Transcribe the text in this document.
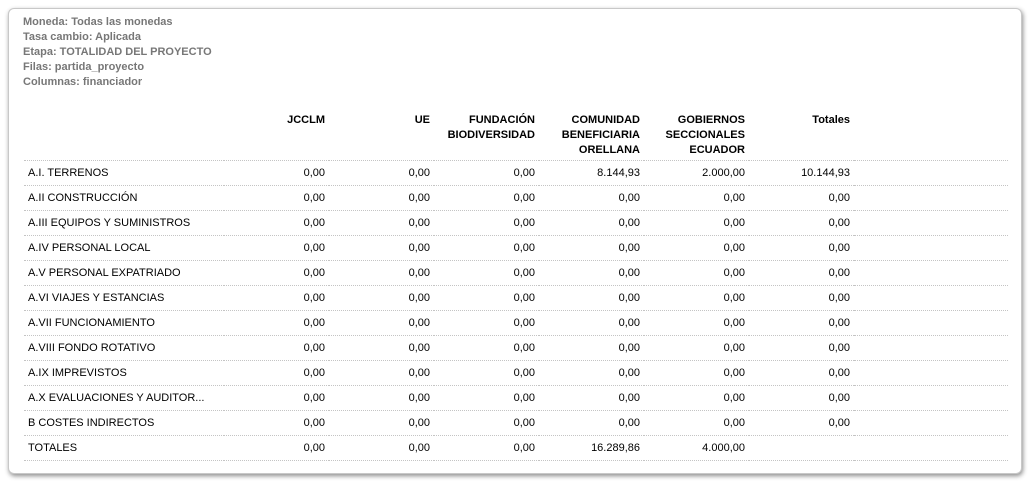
Moneda: Todas las monedas
Tasa cambio: Aplicada
Etapa: TOTALIDAD DEL PROYECTO
Filas: partida_proyecto
Columnas: financiador
	JCCLM	UE	FUNDACIÓN BIODIVERSIDAD	COMUNIDAD BENEFICIARIA ORELLANA	GOBIERNOS SECCIONALES ECUADOR	Totales	
A.I. TERRENOS	0,00	0,00	0,00	8.144,93	2.000,00	10.144,93	
A.II CONSTRUCCIÓN	0,00	0,00	0,00	0,00	0,00	0,00	
A.III EQUIPOS Y SUMINISTROS	0,00	0,00	0,00	0,00	0,00	0,00	
A.IV PERSONAL LOCAL	0,00	0,00	0,00	0,00	0,00	0,00	
A.V PERSONAL EXPATRIADO	0,00	0,00	0,00	0,00	0,00	0,00	
A.VI VIAJES Y ESTANCIAS	0,00	0,00	0,00	0,00	0,00	0,00	
A.VII FUNCIONAMIENTO	0,00	0,00	0,00	0,00	0,00	0,00	
A.VIII FONDO ROTATIVO	0,00	0,00	0,00	0,00	0,00	0,00	
A.IX IMPREVISTOS	0,00	0,00	0,00	0,00	0,00	0,00	
A.X EVALUACIONES Y AUDITOR...	0,00	0,00	0,00	0,00	0,00	0,00	
B COSTES INDIRECTOS	0,00	0,00	0,00	0,00	0,00	0,00	
TOTALES	0,00	0,00	0,00	16.289,86	4.000,00		
